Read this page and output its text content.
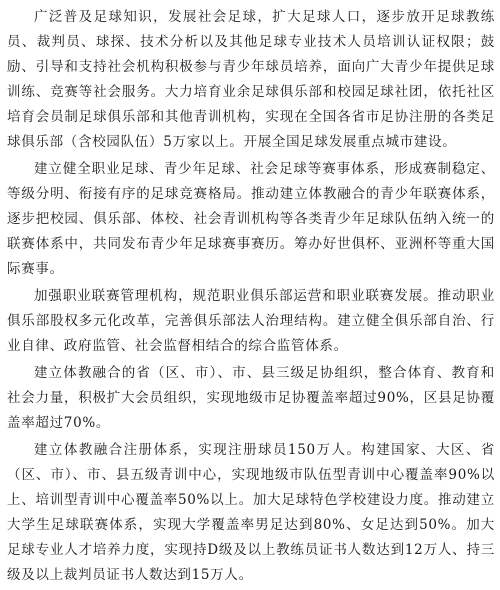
广泛普及足球知识，发展社会足球，扩大足球人口，逐步放开足球教练员、裁判员、球探、技术分析以及其他足球专业技术人员培训认证权限；鼓励、引导和支持社会机构积极参与青少年球员培养，面向广大青少年提供足球训练、竞赛等社会服务。大力培育业余足球俱乐部和校园足球社团，依托社区培育会员制足球俱乐部和其他青训机构，实现在全国各省市足协注册的各类足球俱乐部（含校园队伍）5万家以上。开展全国足球发展重点城市建设。

建立健全职业足球、青少年足球、社会足球等赛事体系，形成赛制稳定、等级分明、衔接有序的足球竞赛格局。推动建立体教融合的青少年联赛体系，逐步把校园、俱乐部、体校、社会青训机构等各类青少年足球队伍纳入统一的联赛体系中，共同发布青少年足球赛事赛历。筹办好世俱杯、亚洲杯等重大国际赛事。

加强职业联赛管理机构，规范职业俱乐部运营和职业联赛发展。推动职业俱乐部股权多元化改革，完善俱乐部法人治理结构。建立健全俱乐部自治、行业自律、政府监管、社会监督相结合的综合监管体系。

建立体教融合的省（区、市）、市、县三级足协组织，整合体育、教育和社会力量，积极扩大会员组织，实现地级市足协覆盖率超过90%，区县足协覆盖率超过70%。

建立体教融合注册体系，实现注册球员150万人。构建国家、大区、省（区、市）、市、县五级青训中心，实现地级市队伍型青训中心覆盖率90%以上、培训型青训中心覆盖率50%以上。加大足球特色学校建设力度。推动建立大学生足球联赛体系，实现大学覆盖率男足达到80%、女足达到50%。加大足球专业人才培养力度，实现持D级及以上教练员证书人数达到12万人、持三级及以上裁判员证书人数达到15万人。
